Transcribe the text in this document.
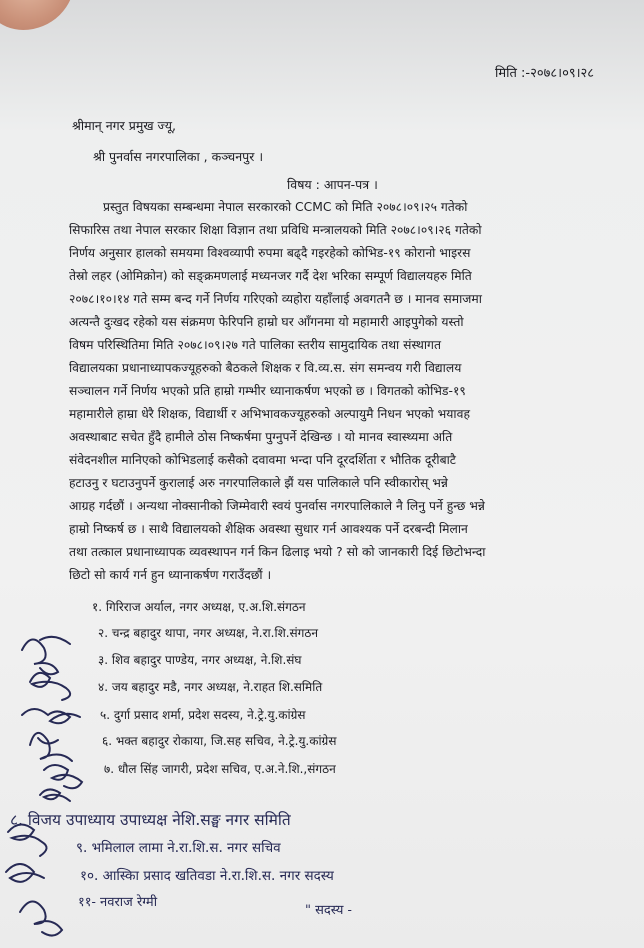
मिति :-२०७८।०९।२८
श्रीमान् नगर प्रमुख ज्यू,
श्री पुनर्वास नगरपालिका , कञ्चनपुर ।
विषय : आपन-पत्र ।
प्रस्तुत विषयका सम्बन्धमा नेपाल सरकारको CCMC को मिति २०७८।०९।२५ गतेको
सिफारिस तथा नेपाल सरकार शिक्षा विज्ञान तथा प्रविधि मन्त्रालयको मिति २०७८।०९।२६ गतेको
निर्णय अनुसार हालको समयमा विश्वव्यापी रुपमा बढ्दै गइरहेको कोभिड-१९ कोरानो भाइरस
तेस्रो लहर (ओमिक्रोन) को सङ्क्रमणलाई मध्यनजर गर्दै देश भरिका सम्पूर्ण विद्यालयहरु मिति
२०७८।१०।१४ गते सम्म बन्द गर्ने निर्णय गरिएको व्यहोरा यहाँलाई अवगतनै छ । मानव समाजमा
अत्यन्तै दुःखद रहेको यस संक्रमण फेरिपनि हाम्रो घर आँगनमा यो महामारी आइपुगेको यस्तो
विषम परिस्थितिमा मिति २०७८।०९।२७ गते पालिका स्तरीय सामुदायिक तथा संस्थागत
विद्यालयका प्रधानाध्यापकज्यूहरुको बैठकले शिक्षक र वि.व्य.स. संग समन्वय गरी विद्यालय
सञ्चालन गर्ने निर्णय भएको प्रति हाम्रो गम्भीर ध्यानाकर्षण भएको छ । विगतको कोभिड-१९
महामारीले हाम्रा धेरै शिक्षक, विद्यार्थी र अभिभावकज्यूहरुको अल्पायुमै निधन भएको भयावह
अवस्थाबाट सचेत हुँदै हामीले ठोस निष्कर्षमा पुग्नुपर्ने देखिन्छ । यो मानव स्वास्थ्यमा अति
संवेदनशील मानिएको कोभिडलाई कसैको दवावमा भन्दा पनि दूरदर्शिता र भौतिक दूरीबाटै
हटाउनु र घटाउनुपर्ने कुरालाई अरु नगरपालिकाले झैं यस पालिकाले पनि स्वीकारोस् भन्ने
आग्रह गर्दछौं । अन्यथा नोक्सानीको जिम्मेवारी स्वयं पुनर्वास नगरपालिकाले नै लिनु पर्ने हुन्छ भन्ने
हाम्रो निष्कर्ष छ । साथै विद्यालयको शैक्षिक अवस्था सुधार गर्न आवश्यक पर्ने दरबन्दी मिलान
तथा तत्काल प्रधानाध्यापक व्यवस्थापन गर्न किन ढिलाइ भयो ? सो को जानकारी दिई छिटोभन्दा
छिटो सो कार्य गर्न हुन ध्यानाकर्षण गराउँदछौं ।
१. गिरिराज अर्याल, नगर अध्यक्ष, ए.अ.शि.संगठन
२. चन्द्र बहादुर थापा, नगर अध्यक्ष, ने.रा.शि.संगठन
३. शिव बहादुर पाण्डेय, नगर अध्यक्ष, ने.शि.संघ
४. जय बहादुर मडै, नगर अध्यक्ष, ने.राहत शि.समिति
५. दुर्गा प्रसाद शर्मा, प्रदेश सदस्य, ने.ट्रे.यु.कांग्रेस
६. भक्त बहादुर रोकाया, जि.सह सचिव, ने.ट्रे.यु.कांग्रेस
७. धौल सिंह जागरी, प्रदेश सचिव, ए.अ.ने.शि.,संगठन
८. विजय उपाध्याय उपाध्यक्ष नेशि.सङ्घ नगर समिति
९. भमिलाल लामा ने.रा.शि.स. नगर सचिव
१०. आस्किा प्रसाद खतिवडा ने.रा.शि.स. नगर सदस्य
११- नवराज रेग्मी
" सदस्य -
